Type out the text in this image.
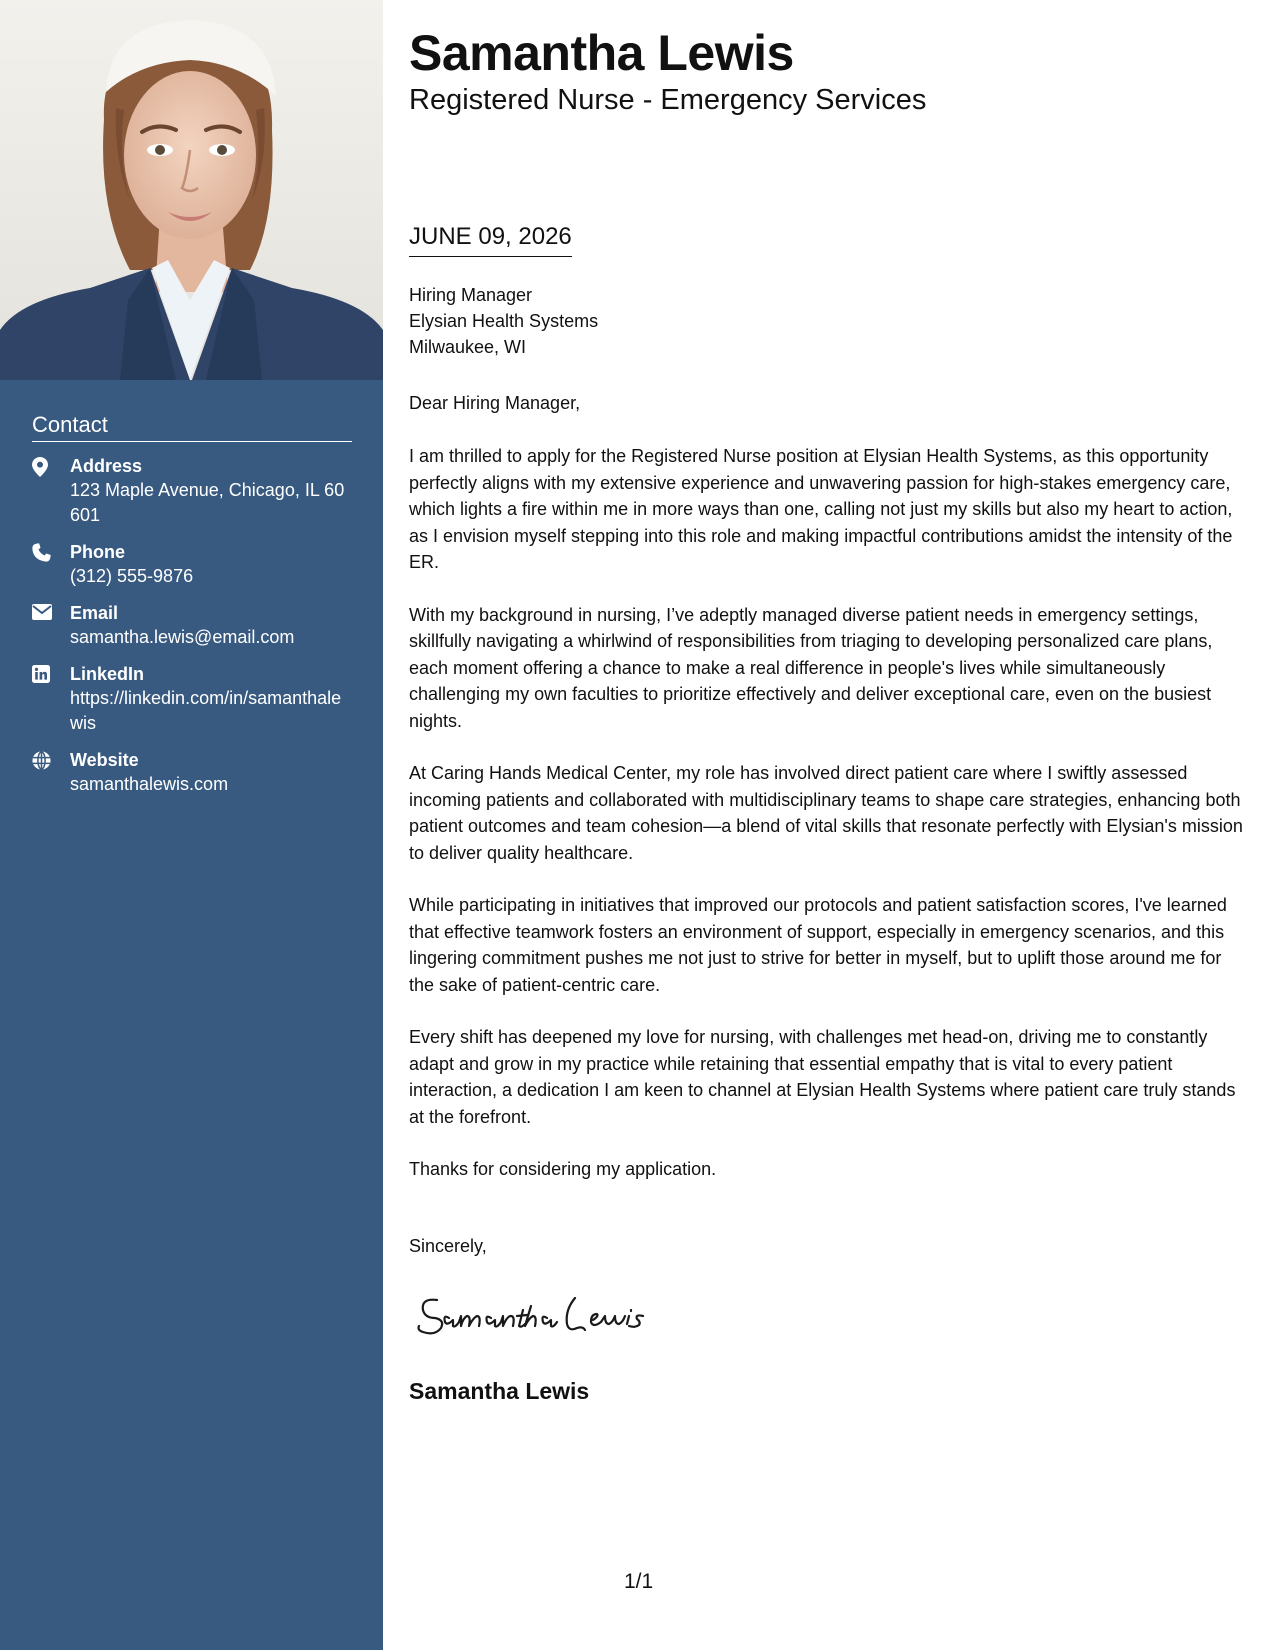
Contact
Address
123 Maple Avenue, Chicago, IL 60601
Phone
(312) 555-9876
Email
samantha.lewis@email.com
LinkedIn
https://linkedin.com/in/samanthalewis
Website
samanthalewis.com
Samantha Lewis
Registered Nurse - Emergency Services
JUNE 09, 2026
Hiring Manager
Elysian Health Systems
Milwaukee, WI
Dear Hiring Manager,

I am thrilled to apply for the Registered Nurse position at Elysian Health Systems, as this opportunity perfectly aligns with my extensive experience and unwavering passion for high-stakes emergency care, which lights a fire within me in more ways than one, calling not just my skills but also my heart to action, as I envision myself stepping into this role and making impactful contributions amidst the intensity of the ER.

With my background in nursing, I’ve adeptly managed diverse patient needs in emergency settings, skillfully navigating a whirlwind of responsibilities from triaging to developing personalized care plans, each moment offering a chance to make a real difference in people's lives while simultaneously challenging my own faculties to prioritize effectively and deliver exceptional care, even on the busiest nights.

At Caring Hands Medical Center, my role has involved direct patient care where I swiftly assessed incoming patients and collaborated with multidisciplinary teams to shape care strategies, enhancing both patient outcomes and team cohesion—a blend of vital skills that resonate perfectly with Elysian's mission to deliver quality healthcare.

While participating in initiatives that improved our protocols and patient satisfaction scores, I've learned that effective teamwork fosters an environment of support, especially in emergency scenarios, and this lingering commitment pushes me not just to strive for better in myself, but to uplift those around me for the sake of patient-centric care.

Every shift has deepened my love for nursing, with challenges met head-on, driving me to constantly adapt and grow in my practice while retaining that essential empathy that is vital to every patient interaction, a dedication I am keen to channel at Elysian Health Systems where patient care truly stands at the forefront.

Thanks for considering my application.

Sincerely,
Samantha Lewis
1/1
